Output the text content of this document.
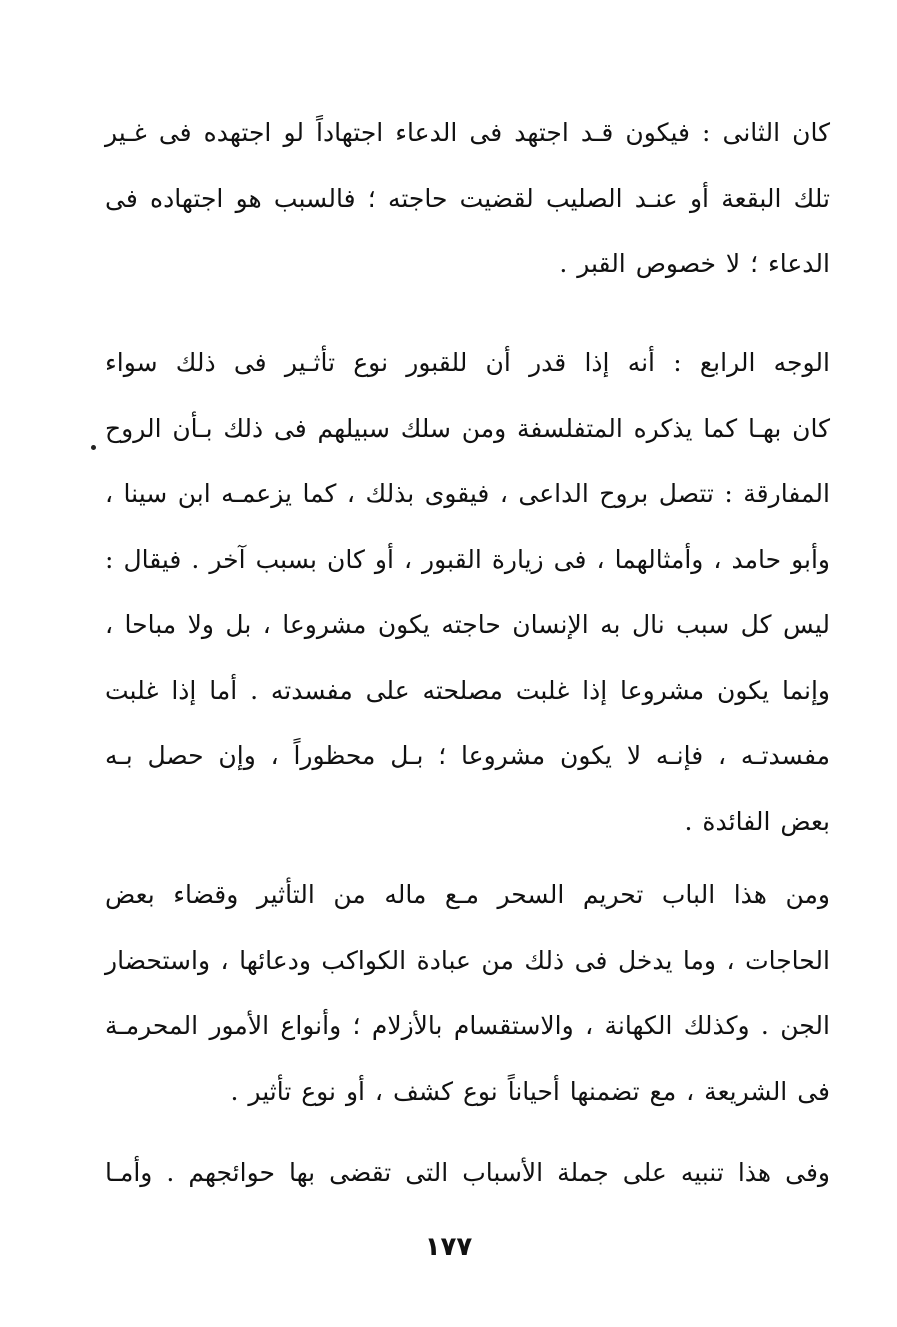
كان الثانى : فيكون قـد اجتهد فى الدعاء اجتهاداً لو اجتهده فى غـير
تلك البقعة أو عنـد الصليب لقضيت حاجته ؛ فالسبب هو اجتهاده فى
الدعاء ؛ لا خصوص القبر .
الوجه الرابع : أنه إذا قدر أن للقبور نوع تأثـير فى ذلك سواء
كان بهـا كما يذكره المتفلسفة ومن سلك سبيلهم فى ذلك بـأن الروح
المفارقة : تتصل بروح الداعى ، فيقوى بذلك ، كما يزعمـه ابن سينا ،
وأبو حامد ، وأمثالهما ، فى زيارة القبور ، أو كان بسبب آخر . فيقال :
ليس كل سبب نال به الإنسان حاجته يكون مشروعا ، بل ولا مباحا ،
وإنما يكون مشروعا إذا غلبت مصلحته على مفسدته . أما إذا غلبت
مفسدتـه ، فإنـه لا يكون مشروعا ؛ بـل محظوراً ، وإن حصل بـه
بعض الفائدة .
ومن هذا الباب تحريم السحر مـع ماله من التأثير وقضاء بعض
الحاجات ، وما يدخل فى ذلك من عبادة الكواكب ودعائها ، واستحضار
الجن . وكذلك الكهانة ، والاستقسام بالأزلام ؛ وأنواع الأمور المحرمـة
فى الشريعة ، مع تضمنها أحياناً نوع كشف ، أو نوع تأثير .
وفى هذا تنبيه على جملة الأسباب التى تقضى بها حوائجهم . وأمـا
١٧٧
